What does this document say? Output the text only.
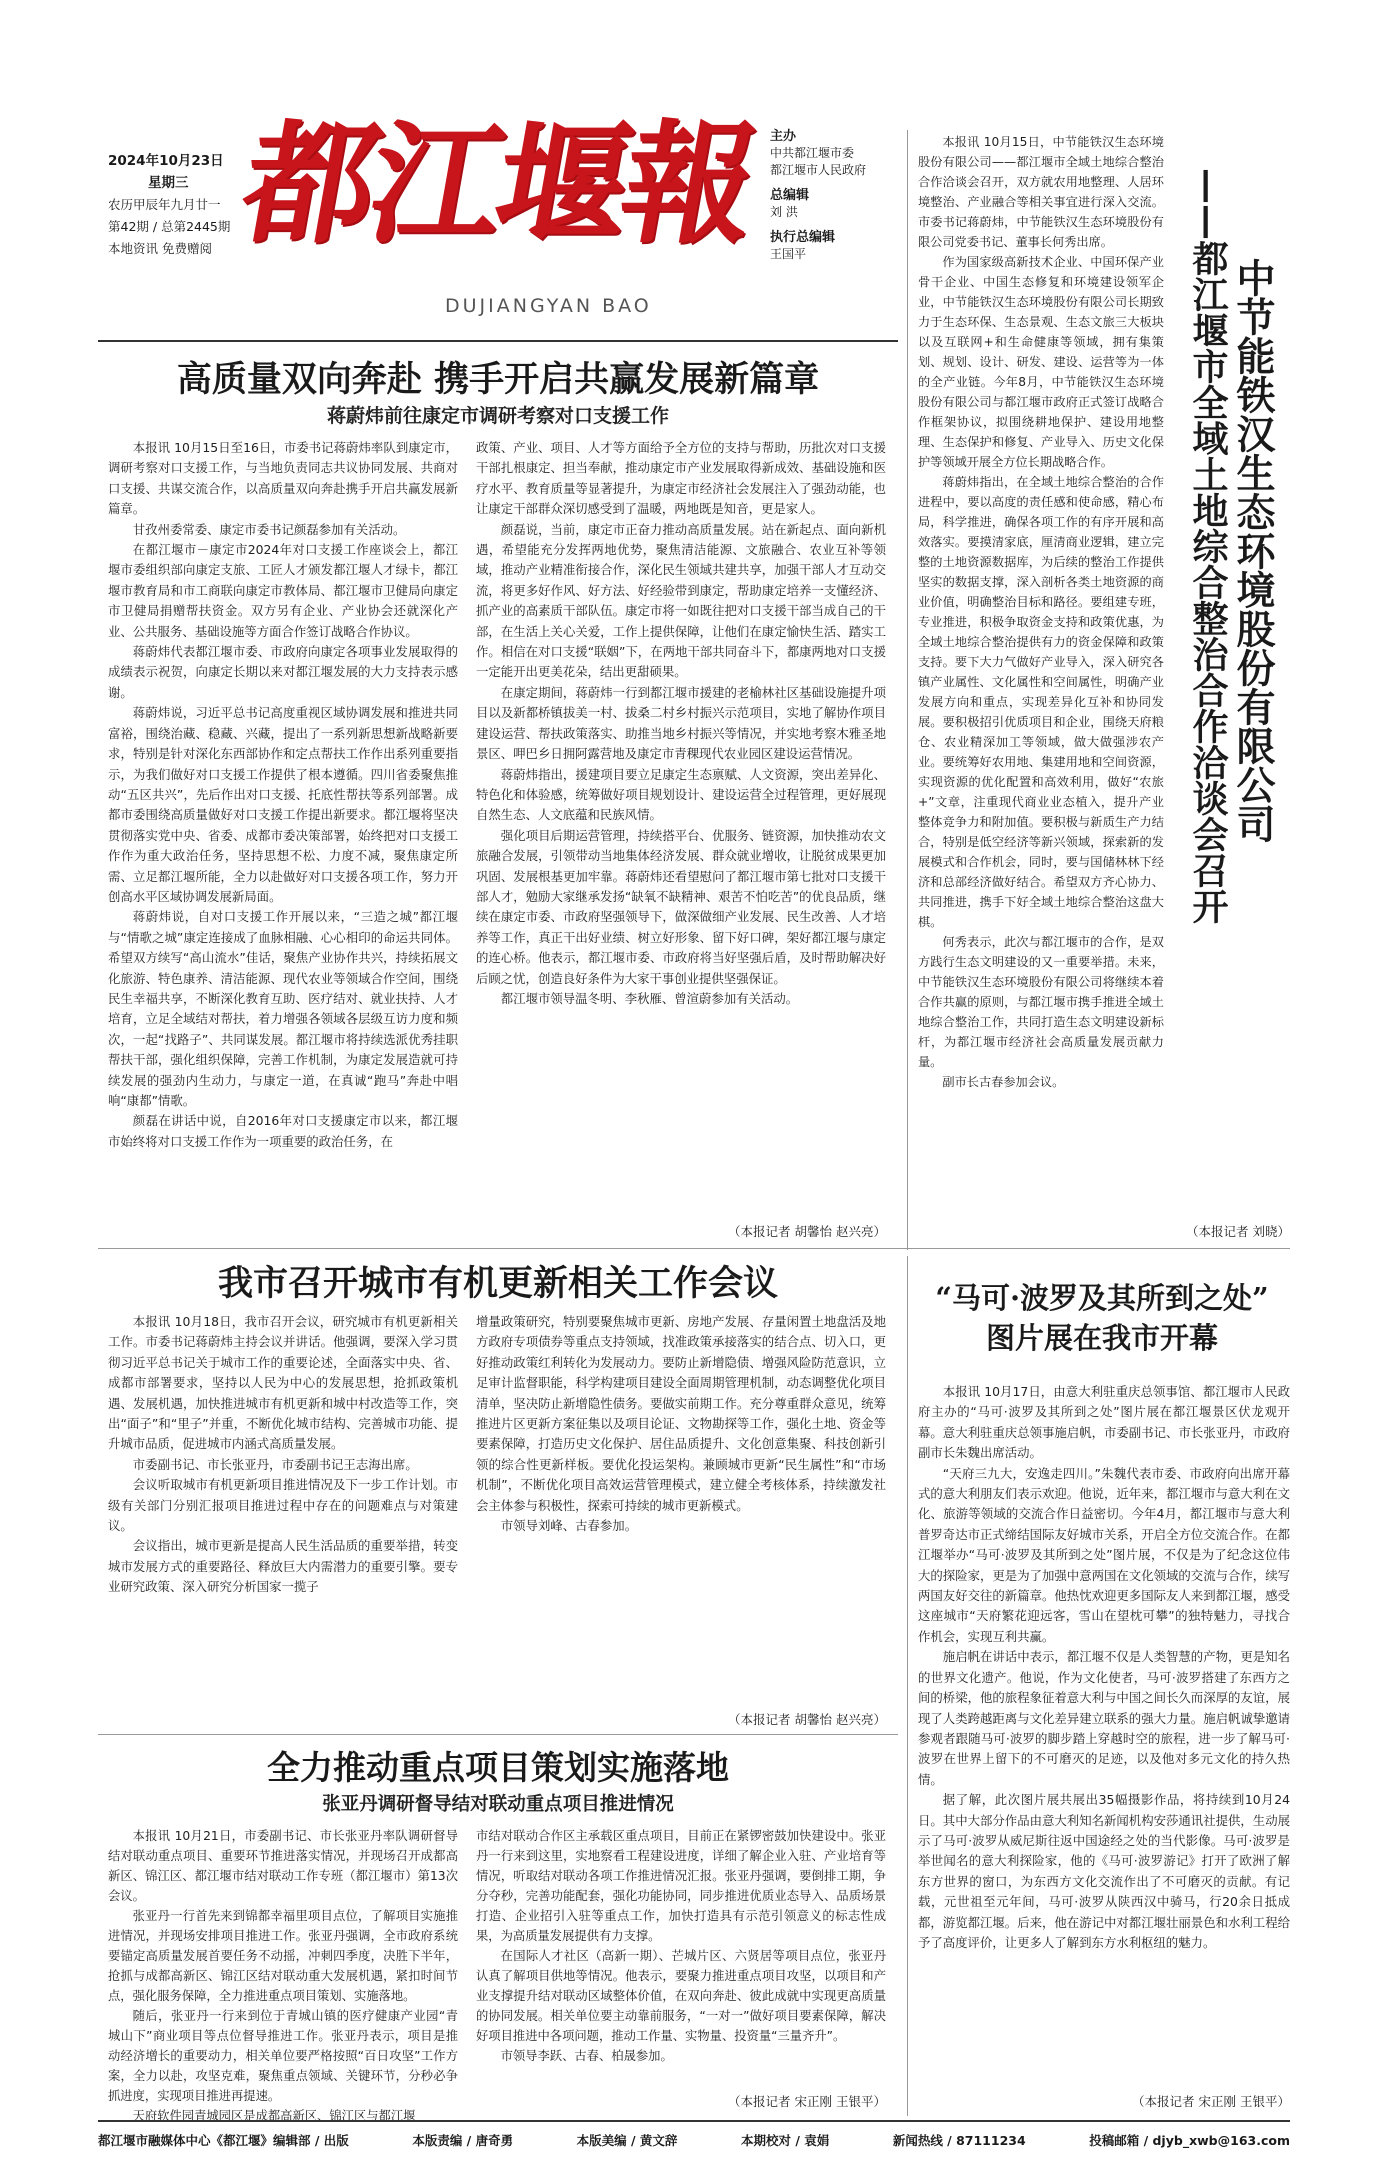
2024年10月23日
星期三
农历甲辰年九月廿一
第42期 / 总第2445期
本地资讯 免费赠阅 都江堰報
DUJIANGYAN BAO
主办
中共都江堰市委
都江堰市人民政府
总编辑
刘 洪
执行总编辑
王国平
高质量双向奔赴 携手开启共赢发展新篇章
蒋蔚炜前往康定市调研考察对口支援工作

本报讯 10月15日至16日，市委书记蒋蔚炜率队到康定市，调研考察对口支援工作，与当地负责同志共议协同发展、共商对口支援、共谋交流合作，以高质量双向奔赴携手开启共赢发展新篇章。

甘孜州委常委、康定市委书记颜磊参加有关活动。

在都江堰市－康定市2024年对口支援工作座谈会上，都江堰市委组织部向康定支旅、工匠人才颁发都江堰人才绿卡，都江堰市教育局和市工商联向康定市教体局、都江堰市卫健局向康定市卫健局捐赠帮扶资金。双方另有企业、产业协会还就深化产业、公共服务、基础设施等方面合作签订战略合作协议。

蒋蔚炜代表都江堰市委、市政府向康定各项事业发展取得的成绩表示祝贺，向康定长期以来对都江堰发展的大力支持表示感谢。

蒋蔚炜说，习近平总书记高度重视区域协调发展和推进共同富裕，围绕治藏、稳藏、兴藏，提出了一系列新思想新战略新要求，特别是针对深化东西部协作和定点帮扶工作作出系列重要指示，为我们做好对口支援工作提供了根本遵循。四川省委聚焦推动“五区共兴”，先后作出对口支援、托底性帮扶等系列部署。成都市委围绕高质量做好对口支援工作提出新要求。都江堰将坚决贯彻落实党中央、省委、成都市委决策部署，始终把对口支援工作作为重大政治任务，坚持思想不松、力度不减，聚焦康定所需、立足都江堰所能，全力以赴做好对口支援各项工作，努力开创高水平区域协调发展新局面。

蒋蔚炜说，自对口支援工作开展以来，“三造之城”都江堰与“情歌之城”康定连接成了血脉相融、心心相印的命运共同体。希望双方续写“高山流水”佳话，聚焦产业协作共兴，持续拓展文化旅游、特色康养、清洁能源、现代农业等领域合作空间，围绕民生幸福共享，不断深化教育互助、医疗结对、就业扶持、人才培育，立足全域结对帮扶，着力增强各领域各层级互访力度和频次，一起“找路子”、共同谋发展。都江堰市将持续选派优秀挂职帮扶干部，强化组织保障，完善工作机制，为康定发展造就可持续发展的强劲内生动力，与康定一道，在真诚“跑马”奔赴中唱响“康都”情歌。

颜磊在讲话中说，自2016年对口支援康定市以来，都江堰市始终将对口支援工作作为一项重要的政治任务，在

政策、产业、项目、人才等方面给予全方位的支持与帮助，历批次对口支援干部扎根康定、担当奉献，推动康定市产业发展取得新成效、基础设施和医疗水平、教育质量等显著提升，为康定市经济社会发展注入了强劲动能，也让康定干部群众深切感受到了温暖，两地既是知音，更是家人。

颜磊说，当前，康定市正奋力推动高质量发展。站在新起点、面向新机遇，希望能充分发挥两地优势，聚焦清洁能源、文旅融合、农业互补等领域，推动产业精准衔接合作，深化民生领域共建共享，加强干部人才互动交流，将更多好作风、好方法、好经验带到康定，帮助康定培养一支懂经济、抓产业的高素质干部队伍。康定市将一如既往把对口支援干部当成自己的干部，在生活上关心关爱，工作上提供保障，让他们在康定愉快生活、踏实工作。相信在对口支援“联姻”下，在两地干部共同奋斗下，都康两地对口支援一定能开出更美花朵，结出更甜硕果。

在康定期间，蒋蔚炜一行到都江堰市援建的老榆林社区基础设施提升项目以及新都桥镇拔美一村、拔桑二村乡村振兴示范项目，实地了解协作项目建设运营、帮扶政策落实、助推当地乡村振兴等情况，并实地考察木雅圣地景区、呷巴乡日拥阿露营地及康定市青稞现代农业园区建设运营情况。

蒋蔚炜指出，援建项目要立足康定生态禀赋、人文资源，突出差异化、特色化和体验感，统筹做好项目规划设计、建设运营全过程管理，更好展现自然生态、人文底蕴和民族风情。

强化项目后期运营管理，持续搭平台、优服务、链资源，加快推动农文旅融合发展，引领带动当地集体经济发展、群众就业增收，让脱贫成果更加巩固、发展根基更加牢靠。蒋蔚炜还看望慰问了都江堰市第七批对口支援干部人才，勉励大家继承发扬“缺氧不缺精神、艰苦不怕吃苦”的优良品质，继续在康定市委、市政府坚强领导下，做深做细产业发展、民生改善、人才培养等工作，真正干出好业绩、树立好形象、留下好口碑，架好都江堰与康定的连心桥。他表示，都江堰市委、市政府将当好坚强后盾，及时帮助解决好后顾之忧，创造良好条件为大家干事创业提供坚强保证。

都江堰市领导温冬明、李秋雁、曾渲蔚参加有关活动。

（本报记者 胡馨怡 赵兴亮）

本报讯 10月15日，中节能铁汉生态环境股份有限公司——都江堰市全域土地综合整治合作洽谈会召开，双方就农用地整理、人居环境整治、产业融合等相关事宜进行深入交流。市委书记蒋蔚炜，中节能铁汉生态环境股份有限公司党委书记、董事长何秀出席。

作为国家级高新技术企业、中国环保产业骨干企业、中国生态修复和环境建设领军企业，中节能铁汉生态环境股份有限公司长期致力于生态环保、生态景观、生态文旅三大板块以及互联网+和生命健康等领域，拥有集策划、规划、设计、研发、建设、运营等为一体的全产业链。今年8月，中节能铁汉生态环境股份有限公司与都江堰市政府正式签订战略合作框架协议，拟围绕耕地保护、建设用地整理、生态保护和修复、产业导入、历史文化保护等领域开展全方位长期战略合作。

蒋蔚炜指出，在全域土地综合整治的合作进程中，要以高度的责任感和使命感，精心布局，科学推进，确保各项工作的有序开展和高效落实。要摸清家底，厘清商业逻辑，建立完整的土地资源数据库，为后续的整治工作提供坚实的数据支撑，深入剖析各类土地资源的商业价值，明确整治目标和路径。要组建专班，专业推进，积极争取资金支持和政策优惠，为全域土地综合整治提供有力的资金保障和政策支持。要下大力气做好产业导入，深入研究各镇产业属性、文化属性和空间属性，明确产业发展方向和重点，实现差异化互补和协同发展。要积极招引优质项目和企业，围绕天府粮仓、农业精深加工等领域，做大做强涉农产业。要统筹好农用地、集建用地和空间资源，实现资源的优化配置和高效利用，做好“农旅+”文章，注重现代商业业态植入，提升产业整体竞争力和附加值。要积极与新质生产力结合，特别是低空经济等新兴领域，探索新的发展模式和合作机会，同时，要与国储林林下经济和总部经济做好结合。希望双方齐心协力、共同推进，携手下好全域土地综合整治这盘大棋。

何秀表示，此次与都江堰市的合作，是双方践行生态文明建设的又一重要举措。未来，中节能铁汉生态环境股份有限公司将继续本着合作共赢的原则，与都江堰市携手推进全域土地综合整治工作，共同打造生态文明建设新标杆，为都江堰市经济社会高质量发展贡献力量。

副市长古春参加会议。

中节能铁汉生态环境股份有限公司
——都江堰市全域土地综合整治合作洽谈会召开
（本报记者 刘晓）
我市召开城市有机更新相关工作会议

本报讯 10月18日，我市召开会议，研究城市有机更新相关工作。市委书记蒋蔚炜主持会议并讲话。他强调，要深入学习贯彻习近平总书记关于城市工作的重要论述，全面落实中央、省、成都市部署要求，坚持以人民为中心的发展思想，抢抓政策机遇、发展机遇，加快推进城市有机更新和城中村改造等工作，突出“面子”和“里子”并重，不断优化城市结构、完善城市功能、提升城市品质，促进城市内涵式高质量发展。

市委副书记、市长张亚丹，市委副书记王志海出席。

会议听取城市有机更新项目推进情况及下一步工作计划。市级有关部门分别汇报项目推进过程中存在的问题难点与对策建议。

会议指出，城市更新是提高人民生活品质的重要举措，转变城市发展方式的重要路径、释放巨大内需潜力的重要引擎。要专业研究政策、深入研究分析国家一揽子

增量政策研究，特别要聚焦城市更新、房地产发展、存量闲置土地盘活及地方政府专项债券等重点支持领域，找准政策承接落实的结合点、切入口，更好推动政策红利转化为发展动力。要防止新增隐债、增强风险防范意识，立足审计监督职能，科学构建项目建设全面周期管理机制，动态调整优化项目清单，坚决防止新增隐性债务。要做实前期工作。充分尊重群众意见，统筹推进片区更新方案征集以及项目论证、文物勘探等工作，强化土地、资金等要素保障，打造历史文化保护、居住品质提升、文化创意集聚、科技创新引领的综合性更新样板。要优化投运架构。兼顾城市更新“民生属性”和“市场机制”，不断优化项目高效运营管理模式，建立健全考核体系，持续激发社会主体参与积极性，探索可持续的城市更新模式。

市领导刘峰、古春参加。

（本报记者 胡馨怡 赵兴亮）
“马可·波罗及其所到之处”
图片展在我市开幕

本报讯 10月17日，由意大利驻重庆总领事馆、都江堰市人民政府主办的“马可·波罗及其所到之处”图片展在都江堰景区伏龙观开幕。意大利驻重庆总领事施启帆，市委副书记、市长张亚丹，市政府副市长朱魏出席活动。

“天府三九大，安逸走四川。”朱魏代表市委、市政府向出席开幕式的意大利朋友们表示欢迎。他说，近年来，都江堰市与意大利在文化、旅游等领域的交流合作日益密切。今年4月，都江堰市与意大利普罗奇达市正式缔结国际友好城市关系，开启全方位交流合作。在都江堰举办“马可·波罗及其所到之处”图片展，不仅是为了纪念这位伟大的探险家，更是为了加强中意两国在文化领域的交流与合作，续写两国友好交往的新篇章。他热忱欢迎更多国际友人来到都江堰，感受这座城市“天府繁花迎远客，雪山在望枕可攀”的独特魅力，寻找合作机会，实现互利共赢。

施启帆在讲话中表示，都江堰不仅是人类智慧的产物，更是知名的世界文化遗产。他说，作为文化使者，马可·波罗搭建了东西方之间的桥梁，他的旅程象征着意大利与中国之间长久而深厚的友谊，展现了人类跨越距离与文化差异建立联系的强大力量。施启帆诚挚邀请参观者跟随马可·波罗的脚步踏上穿越时空的旅程，进一步了解马可·波罗在世界上留下的不可磨灭的足迹，以及他对多元文化的持久热情。

据了解，此次图片展共展出35幅摄影作品，将持续到10月24日。其中大部分作品由意大利知名新闻机构安莎通讯社提供，生动展示了马可·波罗从威尼斯往返中国途经之处的当代影像。马可·波罗是举世闻名的意大利探险家，他的《马可·波罗游记》打开了欧洲了解东方世界的窗口，为东西方文化交流作出了不可磨灭的贡献。有记载，元世祖至元年间，马可·波罗从陕西汉中骑马，行20余日抵成都，游览都江堰。后来，他在游记中对都江堰壮丽景色和水利工程给予了高度评价，让更多人了解到东方水利枢纽的魅力。

（本报记者 宋正刚 王银平）
全力推动重点项目策划实施落地
张亚丹调研督导结对联动重点项目推进情况

本报讯 10月21日，市委副书记、市长张亚丹率队调研督导结对联动重点项目、重要环节推进落实情况，并现场召开成都高新区、锦江区、都江堰市结对联动工作专班（都江堰市）第13次会议。

张亚丹一行首先来到锦都幸福里项目点位，了解项目实施推进情况，并现场安排项目推进工作。张亚丹强调，全市政府系统要锚定高质量发展首要任务不动摇，冲刺四季度，决胜下半年，抢抓与成都高新区、锦江区结对联动重大发展机遇，紧扣时间节点，强化服务保障，全力推进重点项目策划、实施落地。

随后，张亚丹一行来到位于青城山镇的医疗健康产业园“青城山下”商业项目等点位督导推进工作。张亚丹表示，项目是推动经济增长的重要动力，相关单位要严格按照“百日攻坚”工作方案，全力以赴，攻坚克难，聚焦重点领域、关键环节，分秒必争抓进度，实现项目推进再提速。

天府软件园青城园区是成都高新区、锦江区与都江堰

市结对联动合作区主承载区重点项目，目前正在紧锣密鼓加快建设中。张亚丹一行来到这里，实地察看工程建设进度，详细了解企业入驻、产业培育等情况，听取结对联动各项工作推进情况汇报。张亚丹强调，要倒排工期，争分夺秒，完善功能配套，强化功能协同，同步推进优质业态导入、品质场景打造、企业招引入驻等重点工作，加快打造具有示范引领意义的标志性成果，为高质量发展提供有力支撑。

在国际人才社区（高新一期）、芒城片区、六贤居等项目点位，张亚丹认真了解项目供地等情况。他表示，要聚力推进重点项目攻坚，以项目和产业支撑提升结对联动区域整体价值，在双向奔赴、彼此成就中实现更高质量的协同发展。相关单位要主动靠前服务，“一对一”做好项目要素保障，解决好项目推进中各项问题，推动工作量、实物量、投资量“三量齐升”。

市领导李跃、古春、柏晟参加。

（本报记者 宋正刚 王银平）
都江堰市融媒体中心《都江堰》编辑部 / 出版	本版责编 / 唐奇勇	本版美编 / 黄文辞	本期校对 / 袁娟	新闻热线 / 87111234	投稿邮箱 / djyb_xwb@163.com
